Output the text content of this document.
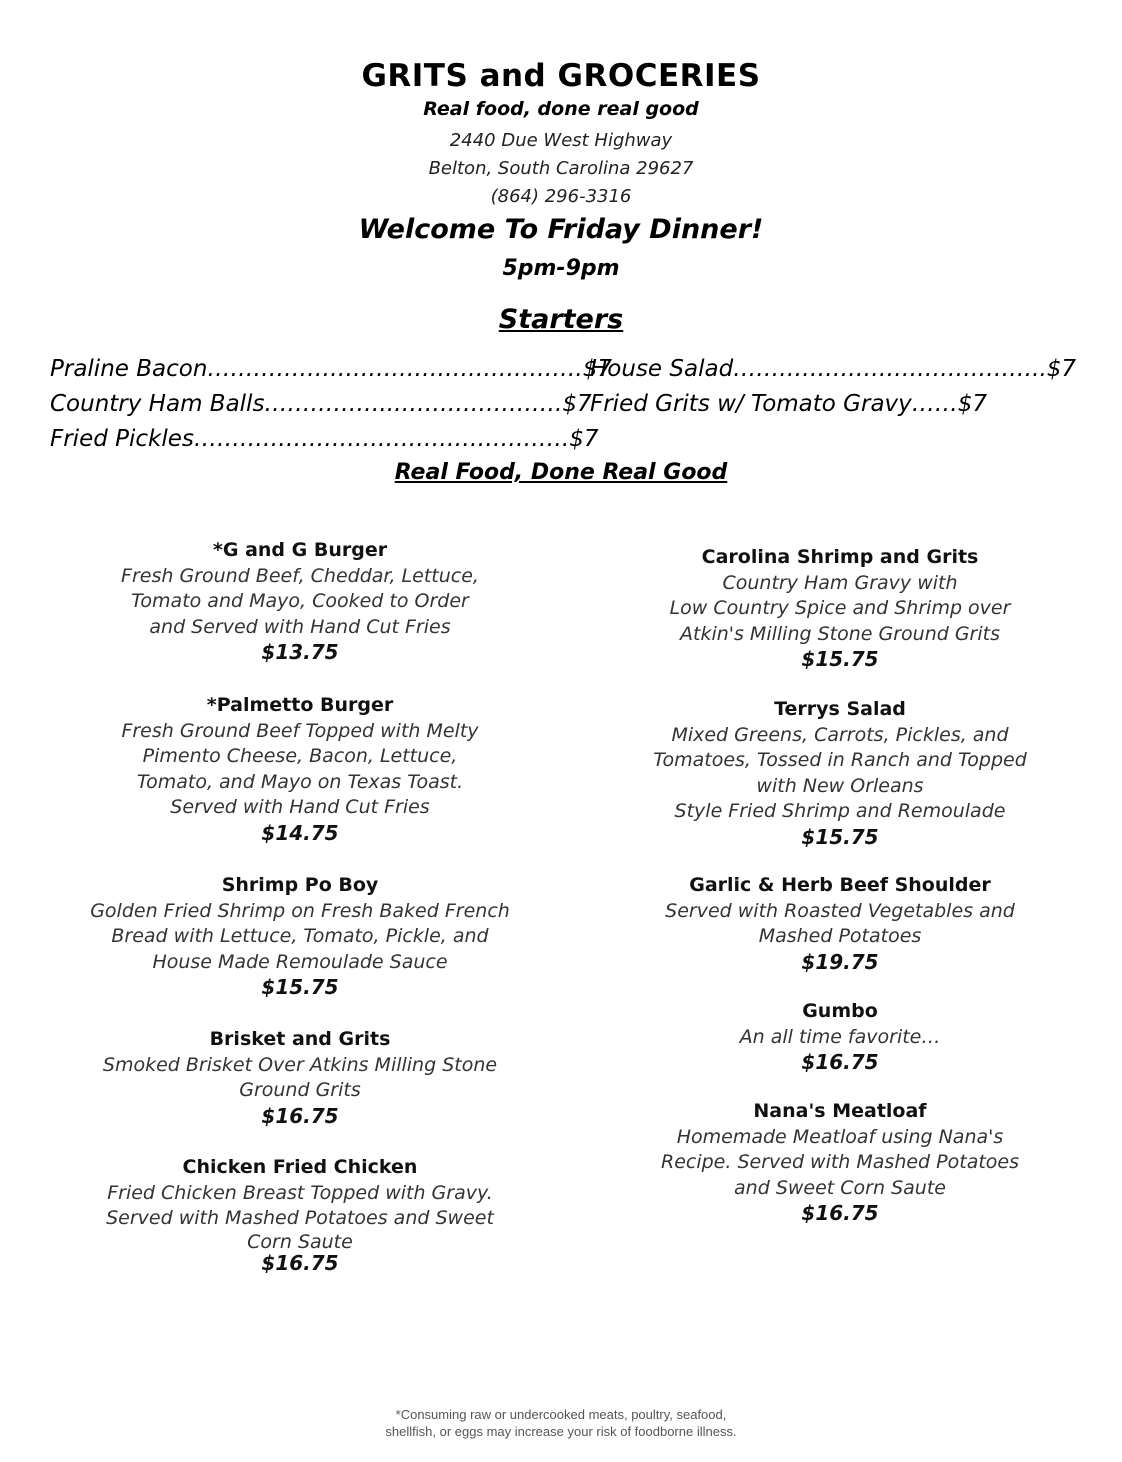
GRITS and GROCERIES
Real food, done real good
2440 Due West Highway
Belton, South Carolina 29627
(864) 296-3316
Welcome To Friday Dinner!
5pm-9pm
Starters
Praline Bacon………………………………………….$7
Country Ham Balls……………..………………….$7
Fried Pickles………………………………………….$7
House Salad…………………………………..$7
Fried Grits w/ Tomato Gravy……$7
Real Food, Done Real Good
*G and G Burger
Fresh Ground Beef, Cheddar, Lettuce,
Tomato and Mayo, Cooked to Order
and Served with Hand Cut Fries
$13.75
*Palmetto Burger
Fresh Ground Beef Topped with Melty
Pimento Cheese, Bacon, Lettuce,
Tomato, and Mayo on Texas Toast.
Served with Hand Cut Fries
$14.75
Shrimp Po Boy
Golden Fried Shrimp on Fresh Baked French
Bread with Lettuce, Tomato, Pickle, and
House Made Remoulade Sauce
$15.75
Brisket and Grits
Smoked Brisket Over Atkins Milling Stone
Ground Grits
$16.75
Chicken Fried Chicken
Fried Chicken Breast Topped with Gravy.
Served with Mashed Potatoes and Sweet
Corn Saute
$16.75
Carolina Shrimp and Grits
Country Ham Gravy with
Low Country Spice and Shrimp over
Atkin's Milling Stone Ground Grits
$15.75
Terrys Salad
Mixed Greens, Carrots, Pickles, and
Tomatoes, Tossed in Ranch and Topped
with New Orleans
Style Fried Shrimp and Remoulade
$15.75
Garlic & Herb Beef Shoulder
Served with Roasted Vegetables and
Mashed Potatoes
$19.75
Gumbo
An all time favorite…
$16.75
Nana's Meatloaf
Homemade Meatloaf using Nana's
Recipe. Served with Mashed Potatoes
and Sweet Corn Saute
$16.75
*Consuming raw or undercooked meats, poultry, seafood,
shellfish, or eggs may increase your risk of foodborne illness.
